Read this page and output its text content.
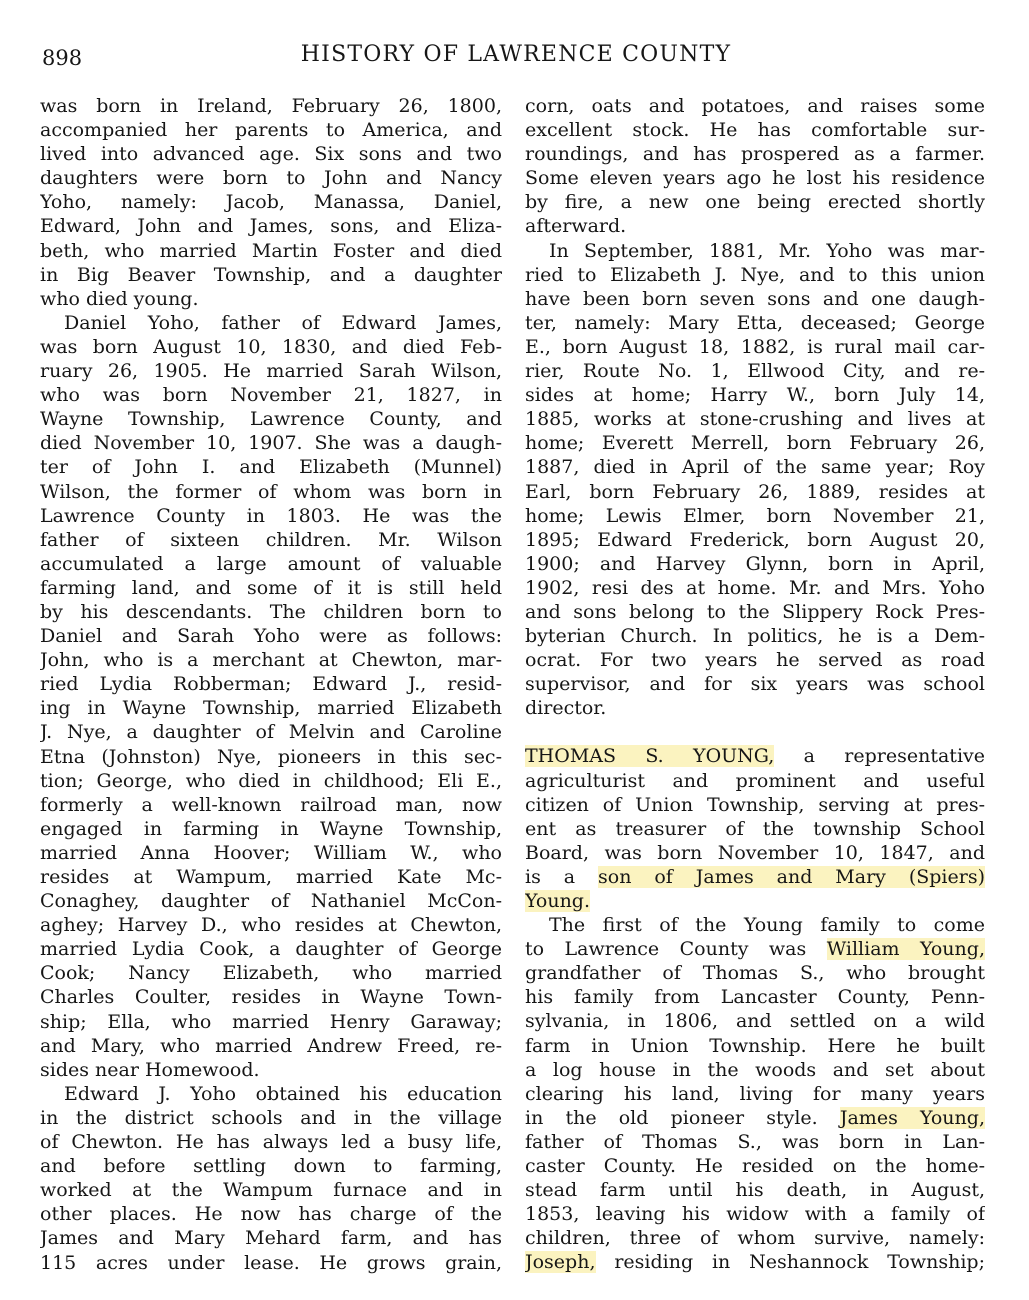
898	HISTORY OF LAWRENCE COUNTY
was born in Ireland, February 26, 1800,
accompanied her parents to America, and
lived into advanced age. Six sons and two
daughters were born to John and Nancy
Yoho, namely: Jacob, Manassa, Daniel,
Edward, John and James, sons, and Eliza-
beth, who married Martin Foster and died
in Big Beaver Township, and a daughter
who died young.
Daniel Yoho, father of Edward James,
was born August 10, 1830, and died Feb-
ruary 26, 1905. He married Sarah Wilson,
who was born November 21, 1827, in
Wayne Township, Lawrence County, and
died November 10, 1907. She was a daugh-
ter of John I. and Elizabeth (Munnel)
Wilson, the former of whom was born in
Lawrence County in 1803. He was the
father of sixteen children. Mr. Wilson
accumulated a large amount of valuable
farming land, and some of it is still held
by his descendants. The children born to
Daniel and Sarah Yoho were as follows:
John, who is a merchant at Chewton, mar-
ried Lydia Robberman; Edward J., resid-
ing in Wayne Township, married Elizabeth
J. Nye, a daughter of Melvin and Caroline
Etna (Johnston) Nye, pioneers in this sec-
tion; George, who died in childhood; Eli E.,
formerly a well-known railroad man, now
engaged in farming in Wayne Township,
married Anna Hoover; William W., who
resides at Wampum, married Kate Mc-
Conaghey, daughter of Nathaniel McCon-
aghey; Harvey D., who resides at Chewton,
married Lydia Cook, a daughter of George
Cook; Nancy Elizabeth, who married
Charles Coulter, resides in Wayne Town-
ship; Ella, who married Henry Garaway;
and Mary, who married Andrew Freed, re-
sides near Homewood.
Edward J. Yoho obtained his education
in the district schools and in the village
of Chewton. He has always led a busy life,
and before settling down to farming,
worked at the Wampum furnace and in
other places. He now has charge of the
James and Mary Mehard farm, and has
115 acres under lease. He grows grain,
corn, oats and potatoes, and raises some
excellent stock. He has comfortable sur-
roundings, and has prospered as a farmer.
Some eleven years ago he lost his residence
by fire, a new one being erected shortly
afterward.
In September, 1881, Mr. Yoho was mar-
ried to Elizabeth J. Nye, and to this union
have been born seven sons and one daugh-
ter, namely: Mary Etta, deceased; George
E., born August 18, 1882, is rural mail car-
rier, Route No. 1, Ellwood City, and re-
sides at home; Harry W., born July 14,
1885, works at stone-crushing and lives at
home; Everett Merrell, born February 26,
1887, died in April of the same year; Roy
Earl, born February 26, 1889, resides at
home; Lewis Elmer, born November 21,
1895; Edward Frederick, born August 20,
1900; and Harvey Glynn, born in April,
1902, resi des at home. Mr. and Mrs. Yoho
and sons belong to the Slippery Rock Pres-
byterian Church. In politics, he is a Dem-
ocrat. For two years he served as road
supervisor, and for six years was school
director.
THOMAS S. YOUNG, a representative
agriculturist and prominent and useful
citizen of Union Township, serving at pres-
ent as treasurer of the township School
Board, was born November 10, 1847, and
is a son of James and Mary (Spiers)
Young.
The first of the Young family to come
to Lawrence County was William Young,
grandfather of Thomas S., who brought
his family from Lancaster County, Penn-
sylvania, in 1806, and settled on a wild
farm in Union Township. Here he built
a log house in the woods and set about
clearing his land, living for many years
in the old pioneer style. James Young,
father of Thomas S., was born in Lan-
caster County. He resided on the home-
stead farm until his death, in August,
1853, leaving his widow with a family of
children, three of whom survive, namely:
Joseph, residing in Neshannock Township;
